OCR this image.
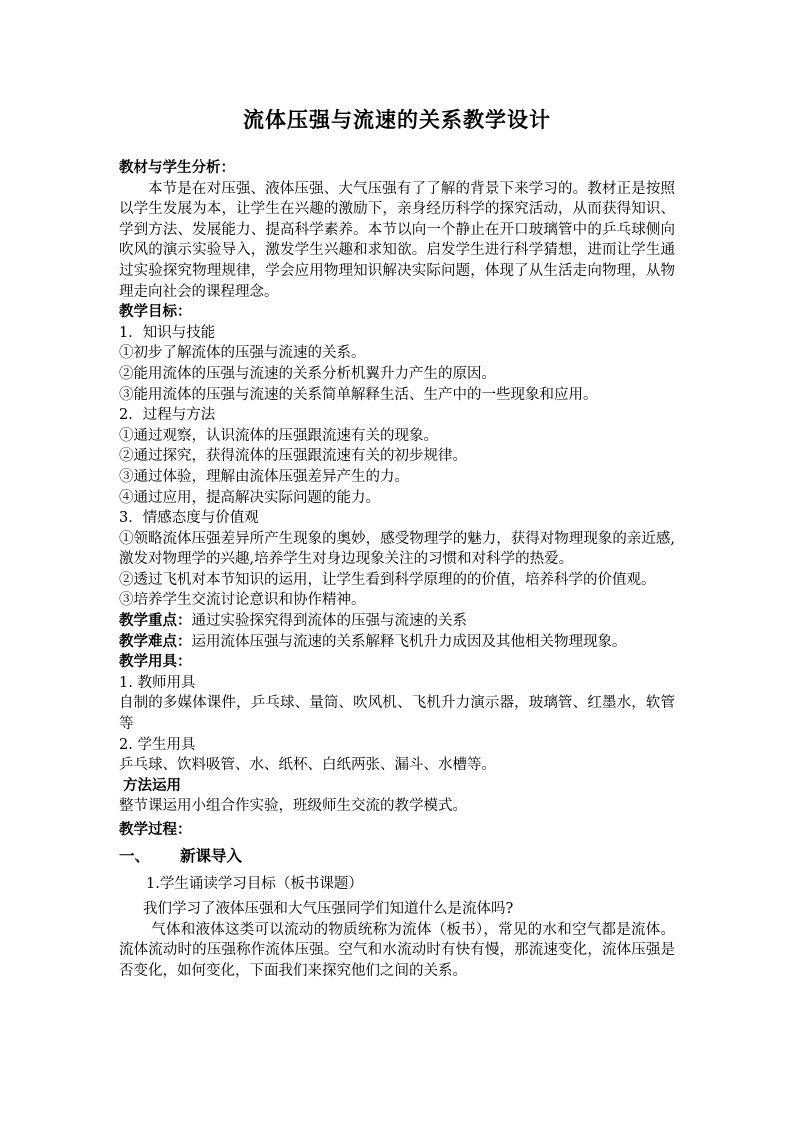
流体压强与流速的关系教学设计
教材与学生分析：
本节是在对压强、液体压强、大气压强有了了解的背景下来学习的。教材正是按照以学生发展为本，让学生在兴趣的激励下，亲身经历科学的探究活动，从而获得知识、学到方法、发展能力、提高科学素养。本节以向一个静止在开口玻璃管中的乒乓球侧向吹风的演示实验导入，激发学生兴趣和求知欲。启发学生进行科学猜想，进而让学生通过实验探究物理规律，学会应用物理知识解决实际问题，体现了从生活走向物理，从物理走向社会的课程理念。
教学目标：
1．知识与技能
①初步了解流体的压强与流速的关系。
②能用流体的压强与流速的关系分析机翼升力产生的原因。
③能用流体的压强与流速的关系简单解释生活、生产中的一些现象和应用。
2．过程与方法
①通过观察，认识流体的压强跟流速有关的现象。
②通过探究，获得流体的压强跟流速有关的初步规律。
③通过体验，理解由流体压强差异产生的力。
④通过应用，提高解决实际问题的能力。
3．情感态度与价值观
①领略流体压强差异所产生现象的奥妙，感受物理学的魅力，获得对物理现象的亲近感,激发对物理学的兴趣,培养学生对身边现象关注的习惯和对科学的热爱。
②透过飞机对本节知识的运用，让学生看到科学原理的的价值，培养科学的价值观。
③培养学生交流讨论意识和协作精神。
教学重点：通过实验探究得到流体的压强与流速的关系
教学难点：运用流体压强与流速的关系解释飞机升力成因及其他相关物理现象。
教学用具：
1. 教师用具
自制的多媒体课件，乒乓球、量筒、吹风机、飞机升力演示器，玻璃管、红墨水，软管等
2. 学生用具
乒乓球、饮料吸管、水、纸杯、白纸两张、漏斗、水槽等。
方法运用
整节课运用小组合作实验，班级师生交流的教学模式。
教学过程：
一、 新课导入
1.学生诵读学习目标（板书课题）
我们学习了液体压强和大气压强同学们知道什么是流体吗?
气体和液体这类可以流动的物质统称为流体（板书），常见的水和空气都是流体。 流体流动时的压强称作流体压强。空气和水流动时有快有慢，那流速变化，流体压强是否变化，如何变化，下面我们来探究他们之间的关系。
